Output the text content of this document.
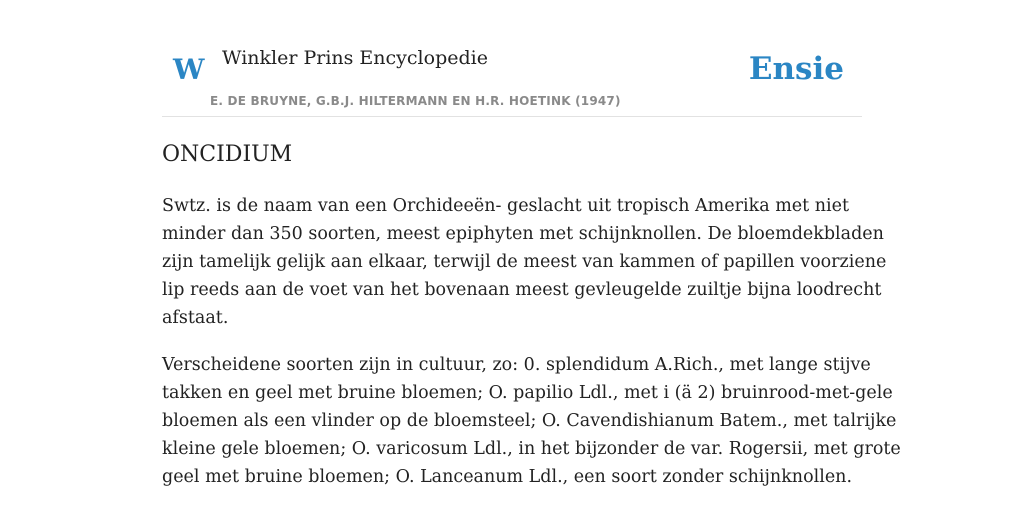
W Winkler Prins Encyclopedie
E. DE BRUYNE, G.B.J. HILTERMANN EN H.R. HOETINK (1947)
Ensie
ONCIDIUM

Swtz. is de naam van een Orchideeën- geslacht uit tropisch Amerika met niet
minder dan 350 soorten, meest epiphyten met schijnknollen. De bloemdekbladen
zijn tamelijk gelijk aan elkaar, terwijl de meest van kammen of papillen voorziene
lip reeds aan de voet van het bovenaan meest gevleugelde zuiltje bijna loodrecht
afstaat.

Verscheidene soorten zijn in cultuur, zo: 0. splendidum A.Rich., met lange stijve
takken en geel met bruine bloemen; O. papilio Ldl., met i (ä 2) bruinrood-met-gele
bloemen als een vlinder op de bloemsteel; O. Cavendishianum Batem., met talrijke
kleine gele bloemen; O. varicosum Ldl., in het bijzonder de var. Rogersii, met grote
geel met bruine bloemen; O. Lanceanum Ldl., een soort zonder schijnknollen.
